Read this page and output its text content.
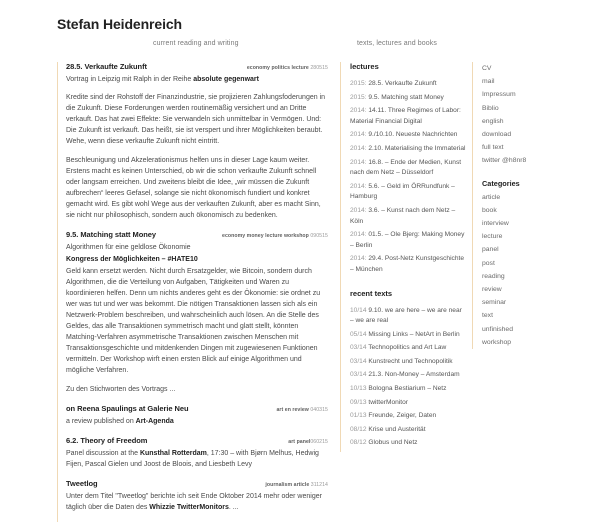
Stefan Heidenreich
current reading and writing	texts, lectures and books
28.5. Verkaufte Zukunft	economy politics lecture 280515
Vortrag in Leipzig mit Ralph in der Reihe absolute gegenwart

Kredite sind der Rohstoff der Finanzindustrie, sie projizieren Zahlungsfoderungen in die Zukunft. Diese Forderungen werden routinemäßig versichert und an Dritte verkauft. Das hat zwei Effekte: Sie verwandeln sich unmittelbar in Vermögen. Und: Die Zukunft ist verkauft. Das heißt, sie ist verspert und ihrer Möglichkeiten beraubt. Wehe, wenn diese verkaufte Zukunft nicht eintritt.

Beschleunigung und Akzelerationismus helfen uns in dieser Lage kaum weiter. Erstens macht es keinen Unterschied, ob wir die schon verkaufte Zukunft schnell oder langsam erreichen. Und zweitens bleibt die Idee, „wir müssen die Zukunft aufbrechen“ leeres Gefasel, solange sie nicht ökonomisch fundiert und konkret gemacht wird. Es gibt wohl Wege aus der verkauften Zukunft, aber es macht Sinn, sie nicht nur philosophisch, sondern auch ökonomisch zu bedenken.

9.5. Matching statt Money	economy money lecture workshop 090515
Algorithmen für eine geldlose Ökonomie
Kongress der Möglichkeiten – #HATE10

Geld kann ersetzt werden. Nicht durch Ersatzgelder, wie Bitcoin, sondern durch Algorithmen, die die Verteilung von Aufgaben, Tätigkeiten und Waren zu koordinieren helfen. Denn um nichts anderes geht es der Ökonomie: sie ordnet zu wer was tut und wer was bekommt. Die nötigen Transaktionen lassen sich als ein Netzwerk-Problem beschreiben, und wahrscheinlich auch lösen. An die Stelle des Geldes, das alle Transaktionen symmetrisch macht und glatt stellt, könnten Matching-Verfahren asymmetrische Transaktionen zwischen Menschen mit Transaktionsgeschichte und mitdenkenden Dingen mit zugewiesenen Funktionen vermitteln. Der Workshop wirft einen ersten Blick auf einige Algorithmen und mögliche Verfahren.

Zu den Stichworten des Vortrags ...

on Reena Spaulings at Galerie Neu	art en review 040315
a review published on Art-Agenda
6.2. Theory of Freedom	art panel060215

Panel discussion at the Kunsthal Rotterdam, 17:30 – with Bjørn Melhus, Hedwig Fijen, Pascal Gielen und Joost de Bloois, and Liesbeth Levy

Tweetlog	journalism article 311214

Unter dem Titel "Tweetlog" berichte ich seit Ende Oktober 2014 mehr oder weniger täglich über die Daten des Whizzie TwitterMonitors. ...

lectures
2015: 28.5. Verkaufte Zukunft
2015: 9.5. Matching statt Money
2014: 14.11. Three Regimes of Labor: Material Financial Digital
2014: 9./10.10. Neueste Nachrichten
2014: 2.10. Materialising the Immaterial
2014: 16.8. – Ende der Medien, Kunst nach dem Netz – Düsseldorf
2014: 5.6. – Geld im ÖRRundfunk – Hamburg
2014: 3.6. – Kunst nach dem Netz – Köln
2014: 01.5. – Ole Bjerg: Making Money – Berlin
2014: 29.4. Post-Netz Kunstgeschichte – München
recent texts
10/14 9.10. we are here – we are near – we are real
05/14 Missing Links – NetArt in Berlin
03/14 Technopolitics and Art Law
03/14 Kunstrecht und Technopolitik
03/14 21.3. Non-Money – Amsterdam
10/13 Bologna Bestiarium – Netz
09/13 twitterMonitor
01/13 Freunde, Zeiger, Daten
08/12 Krise und Austerität
08/12 Globus und Netz
CV
mail
Impressum
Biblio
english
download
full text
twitter @h8nr8
Categories
article
book
interview
lecture
panel
post
reading
review
seminar
text
unfinished
workshop
